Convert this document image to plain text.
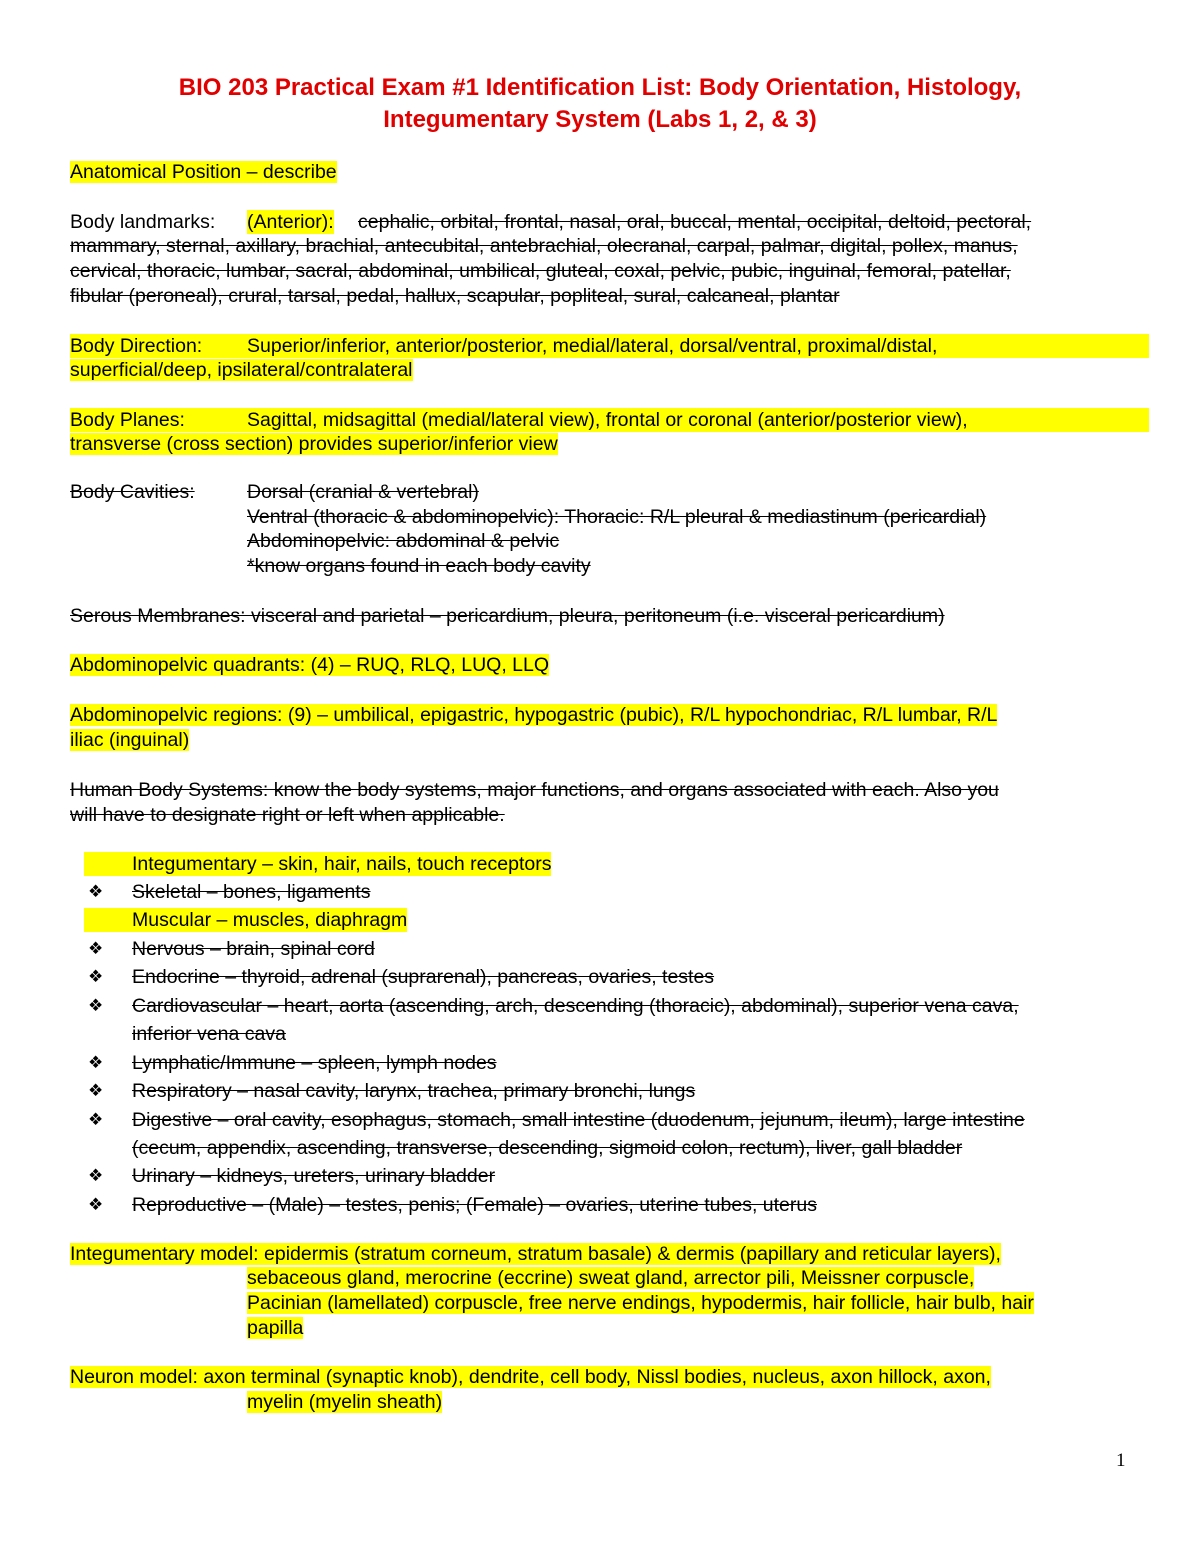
BIO 203 Practical Exam #1 Identification List: Body Orientation, Histology,
Integumentary System (Labs 1, 2, & 3)
Anatomical Position – describe
Body landmarks: (Anterior): cephalic, orbital, frontal, nasal, oral, buccal, mental, occipital, deltoid, pectoral,
mammary, sternal, axillary, brachial, antecubital, antebrachial, olecranal, carpal, palmar, digital, pollex, manus,
cervical, thoracic, lumbar, sacral, abdominal, umbilical, gluteal, coxal, pelvic, pubic, inguinal, femoral, patellar,
fibular (peroneal), crural, tarsal, pedal, hallux, scapular, popliteal, sural, calcaneal, plantar
Body Direction: Superior/inferior, anterior/posterior, medial/lateral, dorsal/ventral, proximal/distal,
superficial/deep, ipsilateral/contralateral
Body Planes:	Sagittal, midsagittal (medial/lateral view), frontal or coronal (anterior/posterior view),
transverse (cross section) provides superior/inferior view
Body Cavities:	Dorsal (cranial & vertebral)
Ventral (thoracic & abdominopelvic): Thoracic: R/L pleural & mediastinum (pericardial)
Abdominopelvic: abdominal & pelvic
*know organs found in each body cavity
Serous Membranes: visceral and parietal – pericardium, pleura, peritoneum (i.e. visceral pericardium)
Abdominopelvic quadrants: (4) – RUQ, RLQ, LUQ, LLQ
Abdominopelvic regions: (9) – umbilical, epigastric, hypogastric (pubic), R/L hypochondriac, R/L lumbar, R/L
iliac (inguinal)
Human Body Systems: know the body systems, major functions, and organs associated with each. Also you
will have to designate right or left when applicable.
Integumentary – skin, hair, nails, touch receptors
❖ Skeletal – bones, ligaments
Muscular – muscles, diaphragm
❖ Nervous – brain, spinal cord
❖ Endocrine – thyroid, adrenal (suprarenal), pancreas, ovaries, testes
❖ Cardiovascular – heart, aorta (ascending, arch, descending (thoracic), abdominal), superior vena cava,
inferior vena cava
❖ Lymphatic/Immune – spleen, lymph nodes
❖ Respiratory – nasal cavity, larynx, trachea, primary bronchi, lungs
❖ Digestive – oral cavity, esophagus, stomach, small intestine (duodenum, jejunum, ileum), large intestine
(cecum, appendix, ascending, transverse, descending, sigmoid colon, rectum), liver, gall bladder
❖ Urinary – kidneys, ureters, urinary bladder
❖ Reproductive – (Male) – testes, penis; (Female) – ovaries, uterine tubes, uterus
Integumentary model: epidermis (stratum corneum, stratum basale) & dermis (papillary and reticular layers),
sebaceous gland, merocrine (eccrine) sweat gland, arrector pili, Meissner corpuscle,
Pacinian (lamellated) corpuscle, free nerve endings, hypodermis, hair follicle, hair bulb, hair
papilla
Neuron model: axon terminal (synaptic knob), dendrite, cell body, Nissl bodies, nucleus, axon hillock, axon,
myelin (myelin sheath)
1
